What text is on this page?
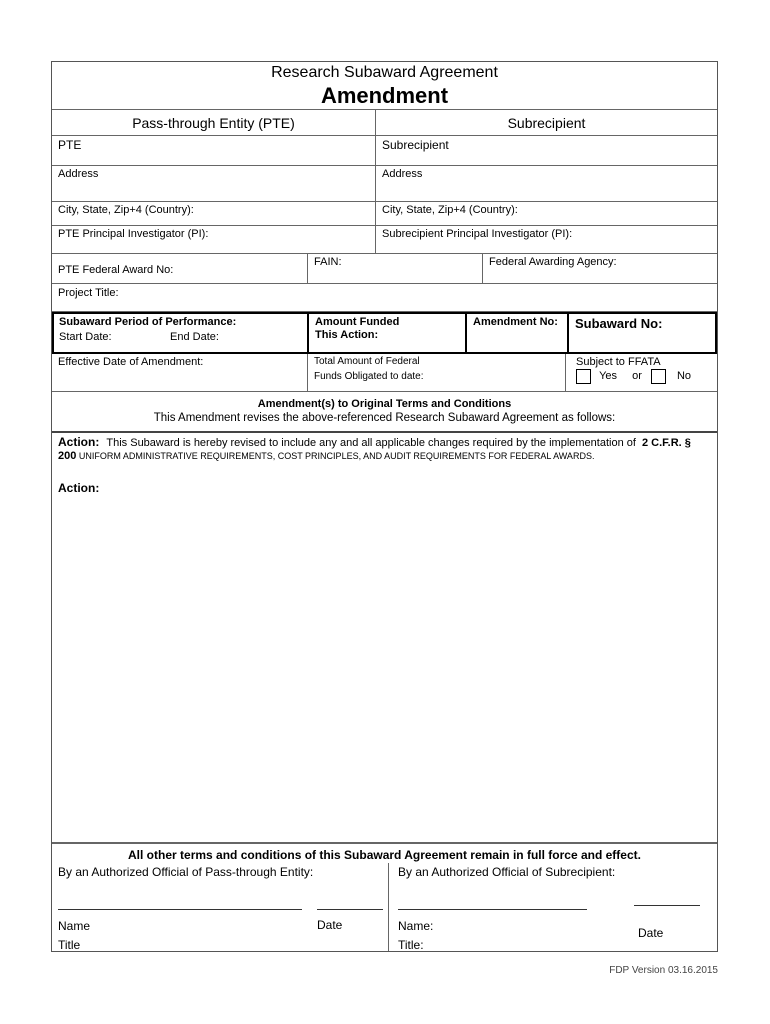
Research Subaward Agreement
Amendment
Pass-through Entity (PTE)	Subrecipient
PTE	Subrecipient
Address	Address
City, State, Zip+4 (Country):	City, State, Zip+4 (Country):
PTE Principal Investigator (PI):	Subrecipient Principal Investigator (PI):
PTE Federal Award No:
FAIN:	Federal Awarding Agency:
Project Title:
Subaward Period of Performance:
Start Date:	End Date:
Amount Funded
This Action:
Amendment No: Subaward No:
Effective Date of Amendment:	Total Amount of Federal
Funds Obligated to date:
Subject to FFATA
Yes or	No
Amendment(s) to Original Terms and Conditions
This Amendment revises the above-referenced Research Subaward Agreement as follows:
Action: This Subaward is hereby revised to include any and all applicable changes required by the implementation of 2 C.F.R. §
200 UNIFORM ADMINISTRATIVE REQUIREMENTS, COST PRINCIPLES, AND AUDIT REQUIREMENTS FOR FEDERAL AWARDS.
Action:
All other terms and conditions of this Subaward Agreement remain in full force and effect.
By an Authorized Official of Pass-through Entity:
Name
Title
Date
By an Authorized Official of Subrecipient:
Name:
Title:
Date
FDP Version 03.16.2015
